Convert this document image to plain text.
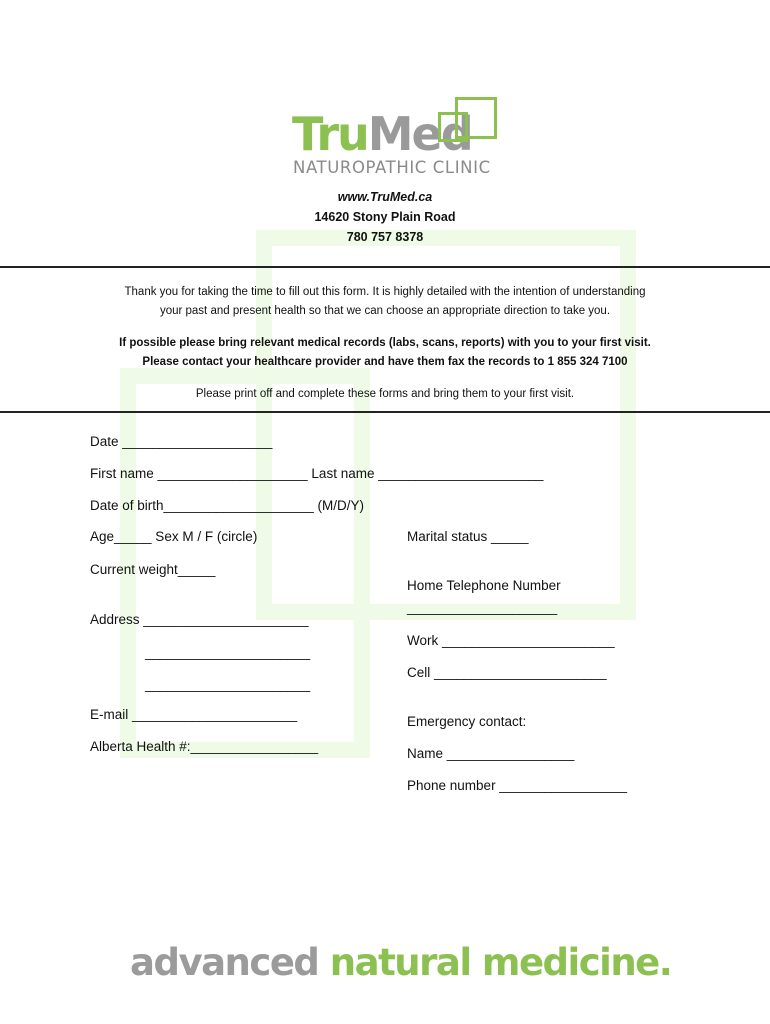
TruMed
NATUROPATHIC CLINIC
www.TruMed.ca
14620 Stony Plain Road
780 757 8378
Thank you for taking the time to fill out this form. It is highly detailed with the intention of understanding
your past and present health so that we can choose an appropriate direction to take you.
If possible please bring relevant medical records (labs, scans, reports) with you to your first visit.
Please contact your healthcare provider and have them fax the records to 1 855 324 7100
Please print off and complete these forms and bring them to your first visit.
Date ____________________
First name ____________________ Last name ______________________
Date of birth____________________ (M/D/Y)
Age_____ Sex M / F (circle)
Current weight_____
Address ______________________
______________________
______________________
E-mail ______________________
Alberta Health #:_________________
Marital status _____
Home Telephone Number
____________________
Work _______________________
Cell _______________________
Emergency contact:
Name _________________
Phone number _________________
advanced natural medicine.
